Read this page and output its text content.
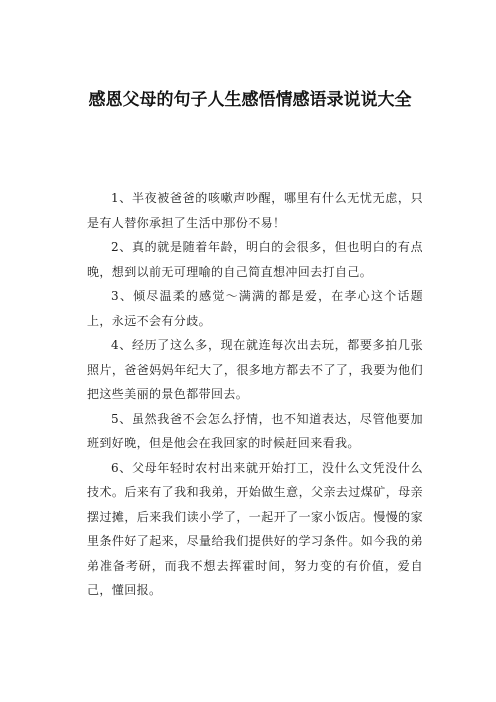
感恩父母的句子人生感悟情感语录说说大全

1、半夜被爸爸的咳嗽声吵醒，哪里有什么无忧无虑，只是有人替你承担了生活中那份不易！

2、真的就是随着年龄，明白的会很多，但也明白的有点晚，想到以前无可理喻的自己简直想冲回去打自己。

3、倾尽温柔的感觉～满满的都是爱，在孝心这个话题上，永远不会有分歧。

4、经历了这么多，现在就连每次出去玩，都要多拍几张照片，爸爸妈妈年纪大了，很多地方都去不了了，我要为他们把这些美丽的景色都带回去。

5、虽然我爸不会怎么抒情，也不知道表达，尽管他要加班到好晚，但是他会在我回家的时候赶回来看我。

6、父母年轻时农村出来就开始打工，没什么文凭没什么技术。后来有了我和我弟，开始做生意，父亲去过煤矿，母亲摆过摊，后来我们读小学了，一起开了一家小饭店。慢慢的家里条件好了起来，尽量给我们提供好的学习条件。如今我的弟弟准备考研，而我不想去挥霍时间，努力变的有价值，爱自己，懂回报。
